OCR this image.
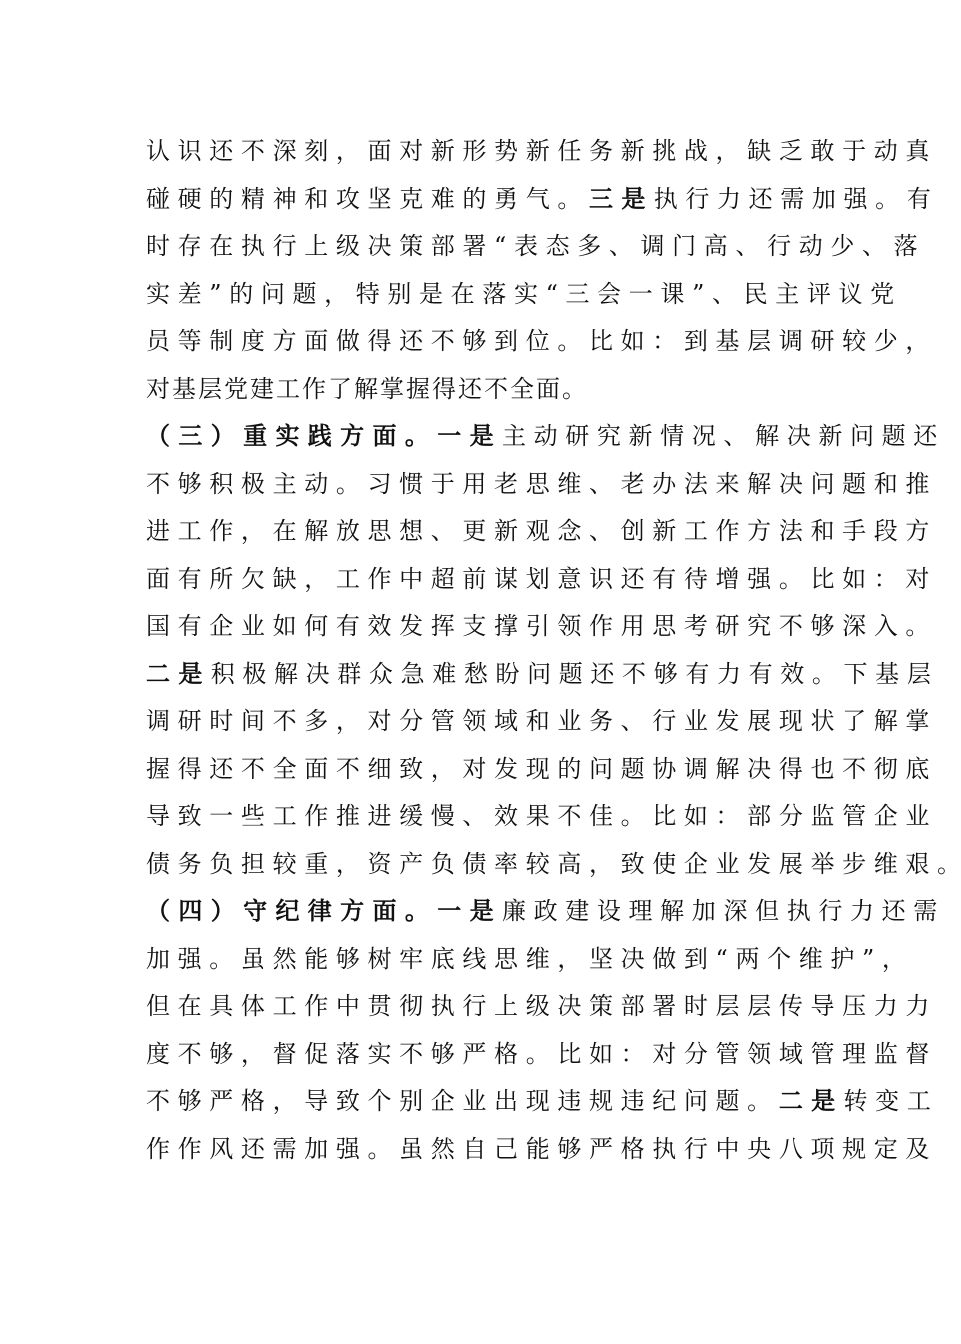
认 识 还 不 深 刻 ， 面 对 新 形 势 新 任 务 新 挑 战 ， 缺 乏 敢 于 动 真
碰 硬 的 精 神 和 攻 坚 克 难 的 勇 气 。 三 是 执 行 力 还 需 加 强 。 有
时 存 在 执 行 上 级 决 策 部 署 “ 表 态 多 、 调 门 高 、 行 动 少 、 落
实 差 ” 的 问 题 ， 特 别 是 在 落 实 “ 三 会 一 课 ” 、 民 主 评 议 党
员 等 制 度 方 面 做 得 还 不 够 到 位 。 比 如 ： 到 基 层 调 研 较 少 ，
对基层党建工作了解掌握得还不全面。
（ 三 ） 重 实 践 方 面 。 一 是 主 动 研 究 新 情 况 、 解 决 新 问 题 还
不 够 积 极 主 动 。 习 惯 于 用 老 思 维 、 老 办 法 来 解 决 问 题 和 推
进 工 作 ， 在 解 放 思 想 、 更 新 观 念 、 创 新 工 作 方 法 和 手 段 方
面 有 所 欠 缺 ， 工 作 中 超 前 谋 划 意 识 还 有 待 增 强 。 比 如 ： 对
国 有 企 业 如 何 有 效 发 挥 支 撑 引 领 作 用 思 考 研 究 不 够 深 入 。
二 是 积 极 解 决 群 众 急 难 愁 盼 问 题 还 不 够 有 力 有 效 。 下 基 层
调 研 时 间 不 多 ， 对 分 管 领 域 和 业 务 、 行 业 发 展 现 状 了 解 掌
握 得 还 不 全 面 不 细 致 ， 对 发 现 的 问 题 协 调 解 决 得 也 不 彻 底
导 致 一 些 工 作 推 进 缓 慢 、 效 果 不 佳 。 比 如 ： 部 分 监 管 企 业
债 务 负 担 较 重 ， 资 产 负 债 率 较 高 ， 致 使 企 业 发 展 举 步 维 艰 。
（ 四 ） 守 纪 律 方 面 。 一 是 廉 政 建 设 理 解 加 深 但 执 行 力 还 需
加 强 。 虽 然 能 够 树 牢 底 线 思 维 ， 坚 决 做 到 “ 两 个 维 护 ” ，
但 在 具 体 工 作 中 贯 彻 执 行 上 级 决 策 部 署 时 层 层 传 导 压 力 力
度 不 够 ， 督 促 落 实 不 够 严 格 。 比 如 ： 对 分 管 领 域 管 理 监 督
不 够 严 格 ， 导 致 个 别 企 业 出 现 违 规 违 纪 问 题 。 二 是 转 变 工
作 作 风 还 需 加 强 。 虽 然 自 己 能 够 严 格 执 行 中 央 八 项 规 定 及
